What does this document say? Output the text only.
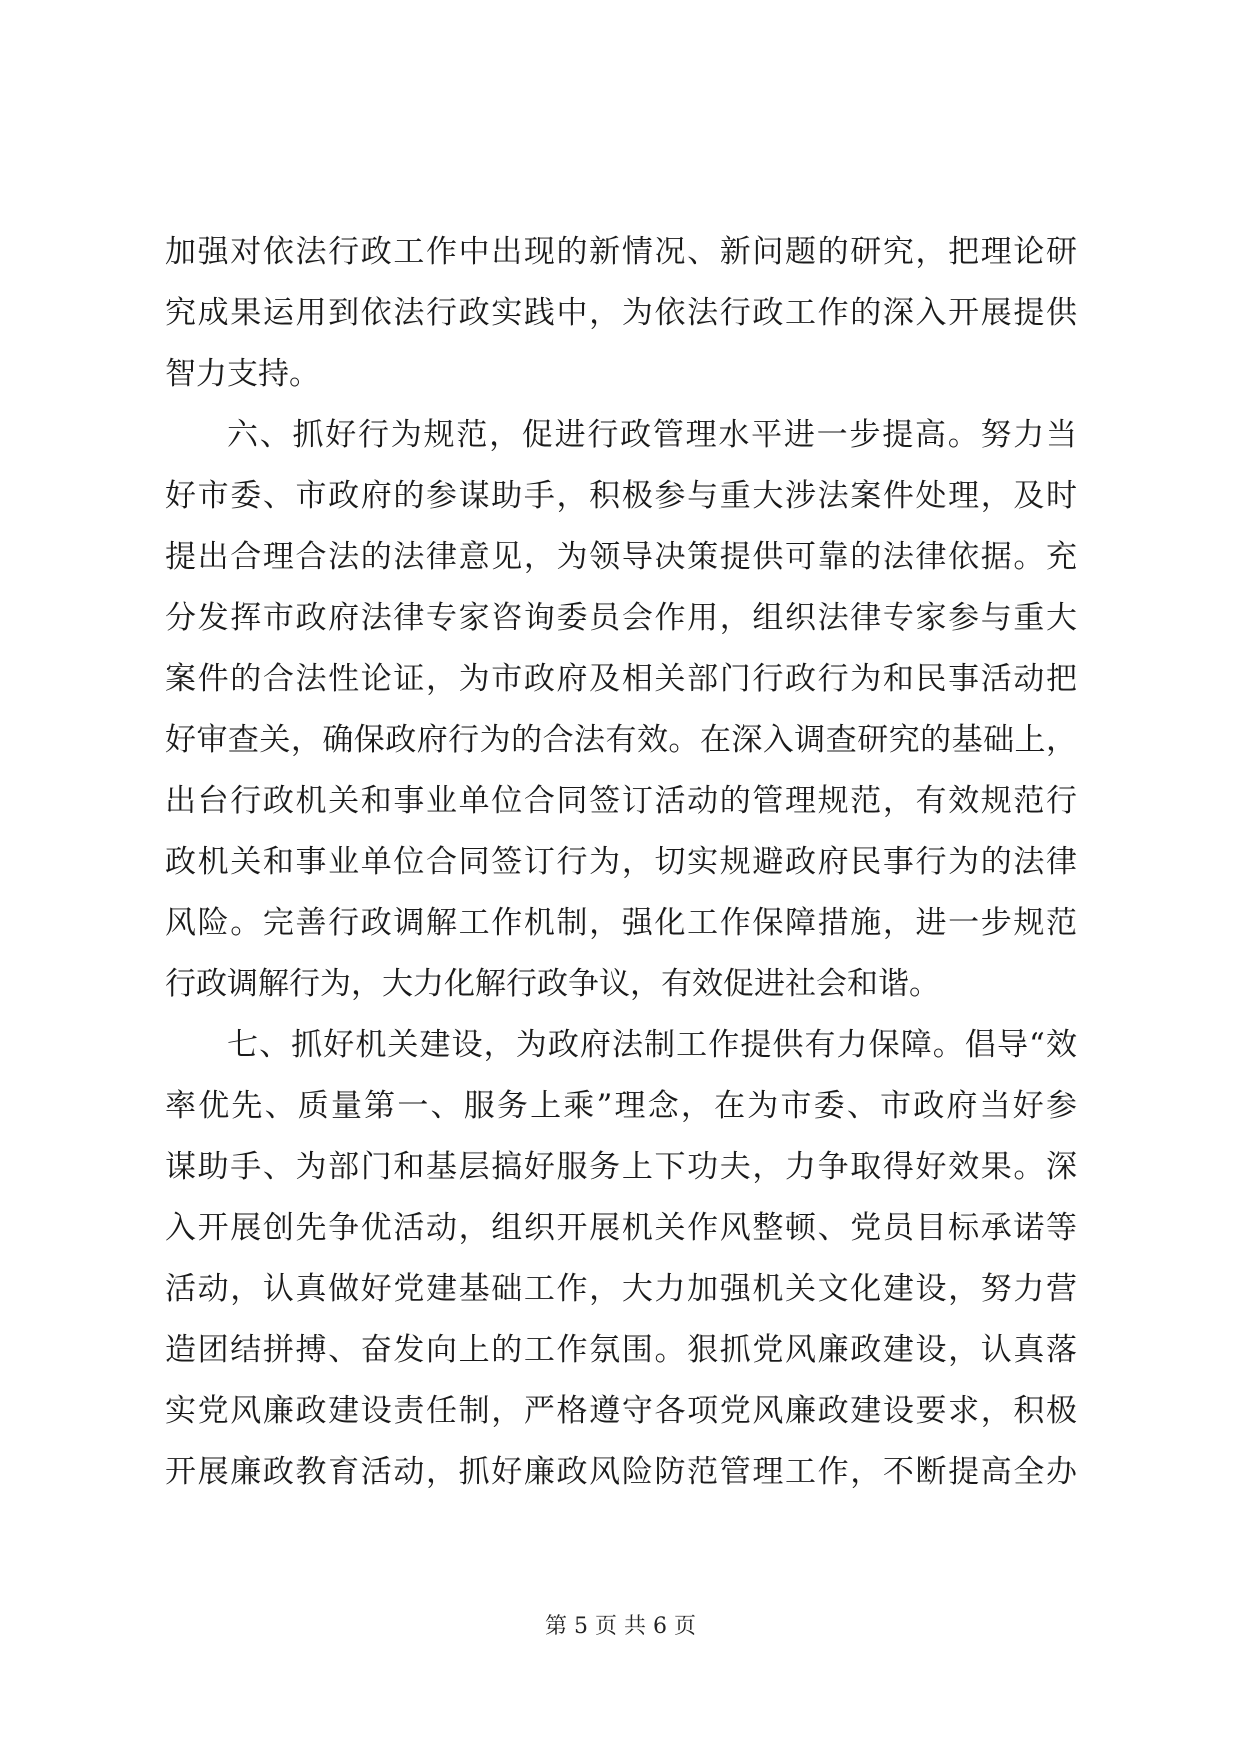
加强对依法行政工作中出现的新情况、新问题的研究，把理论研
究成果运用到依法行政实践中，为依法行政工作的深入开展提供
智力支持。
六、抓好行为规范，促进行政管理水平进一步提高。努力当
好市委、市政府的参谋助手，积极参与重大涉法案件处理，及时
提出合理合法的法律意见，为领导决策提供可靠的法律依据。充
分发挥市政府法律专家咨询委员会作用，组织法律专家参与重大
案件的合法性论证，为市政府及相关部门行政行为和民事活动把
好审查关，确保政府行为的合法有效。在深入调查研究的基础上，
出台行政机关和事业单位合同签订活动的管理规范，有效规范行
政机关和事业单位合同签订行为，切实规避政府民事行为的法律
风险。完善行政调解工作机制，强化工作保障措施，进一步规范
行政调解行为，大力化解行政争议，有效促进社会和谐。
七、抓好机关建设，为政府法制工作提供有力保障。倡导“效
率优先、质量第一、服务上乘”理念，在为市委、市政府当好参
谋助手、为部门和基层搞好服务上下功夫，力争取得好效果。深
入开展创先争优活动，组织开展机关作风整顿、党员目标承诺等
活动，认真做好党建基础工作，大力加强机关文化建设，努力营
造团结拼搏、奋发向上的工作氛围。狠抓党风廉政建设，认真落
实党风廉政建设责任制，严格遵守各项党风廉政建设要求，积极
开展廉政教育活动，抓好廉政风险防范管理工作，不断提高全办
第 5 页 共 6 页
